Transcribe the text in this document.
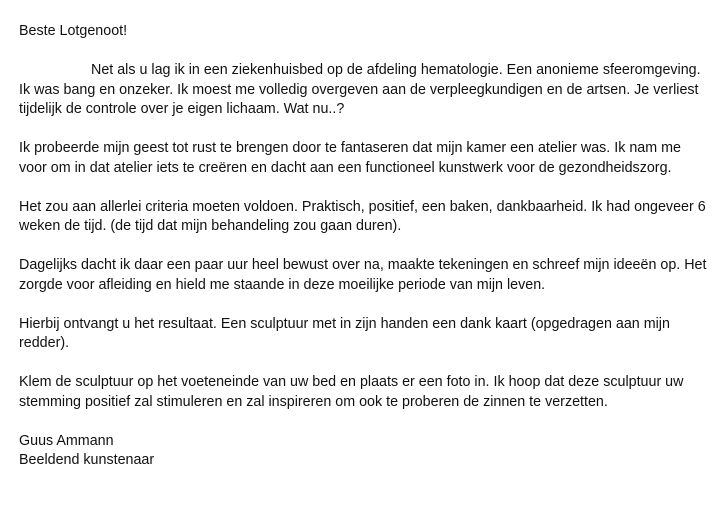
Beste Lotgenoot!

Net als u lag ik in een ziekenhuisbed op de afdeling hematologie. Een anonieme sfeeromgeving. Ik was bang en onzeker. Ik moest me volledig overgeven aan de verpleegkundigen en de artsen. Je verliest tijdelijk de controle over je eigen lichaam. Wat nu..?

Ik probeerde mijn geest tot rust te brengen door te fantaseren dat mijn kamer een atelier was. Ik nam me voor om in dat atelier iets te creëren en dacht aan een functioneel kunstwerk voor de gezondheidszorg.

Het zou aan allerlei criteria moeten voldoen. Praktisch, positief, een baken, dankbaarheid. Ik had ongeveer 6 weken de tijd. (de tijd dat mijn behandeling zou gaan duren).

Dagelijks dacht ik daar een paar uur heel bewust over na, maakte tekeningen en schreef mijn ideeën op. Het zorgde voor afleiding en hield me staande in deze moeilijke periode van mijn leven.

Hierbij ontvangt u het resultaat. Een sculptuur met in zijn handen een dank kaart (opgedragen aan mijn redder).

Klem de sculptuur op het voeteneinde van uw bed en plaats er een foto in. Ik hoop dat deze sculptuur uw stemming positief zal stimuleren en zal inspireren om ook te proberen de zinnen te verzetten.

Guus Ammann

Beeldend kunstenaar
